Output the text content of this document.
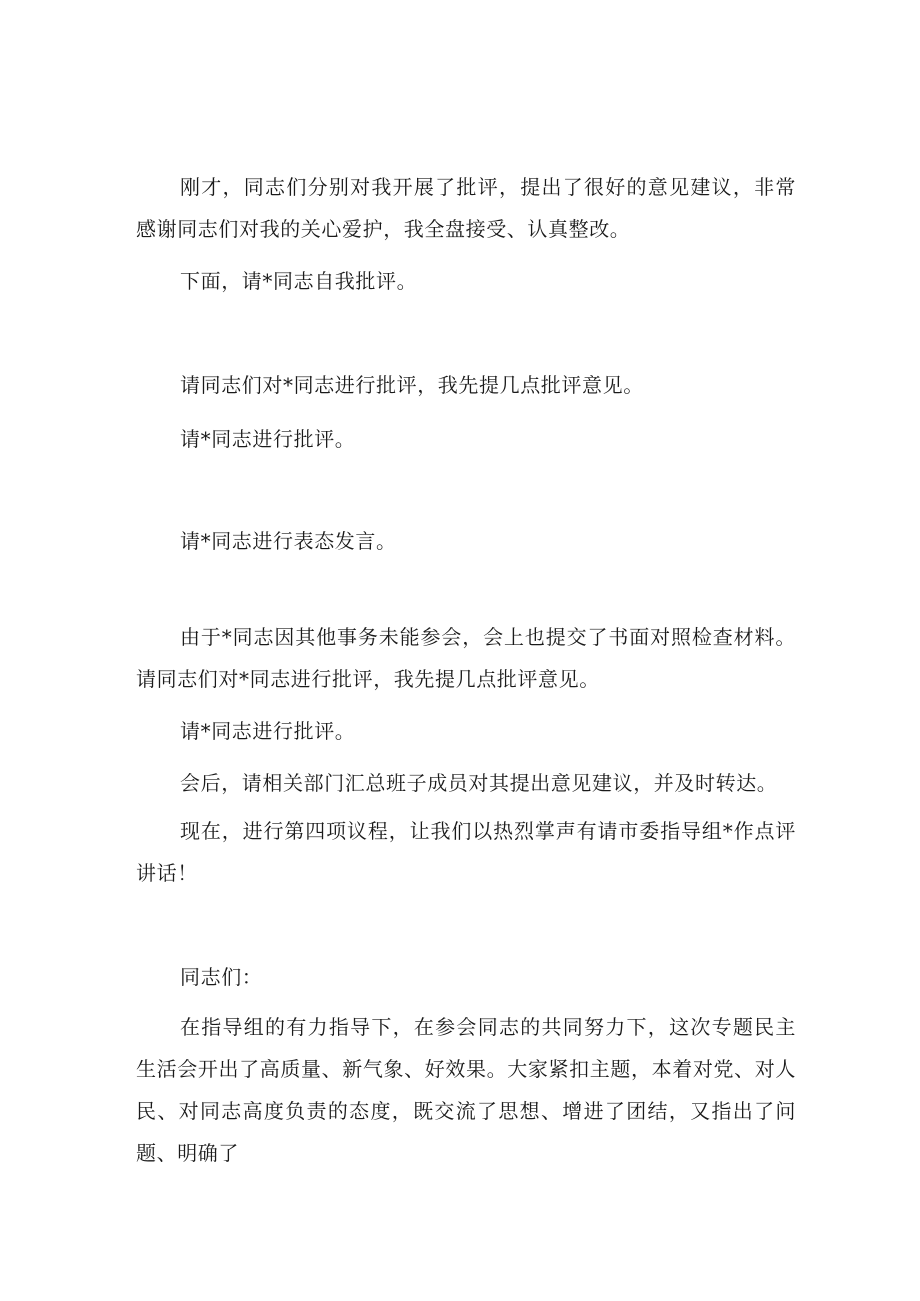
刚才，同志们分别对我开展了批评，提出了很好的意见建议，非常感谢同志们对我的关心爱护，我全盘接受、认真整改。

下面，请*同志自我批评。

请同志们对*同志进行批评，我先提几点批评意见。

请*同志进行批评。

请*同志进行表态发言。

由于*同志因其他事务未能参会，会上也提交了书面对照检查材料。请同志们对*同志进行批评，我先提几点批评意见。

请*同志进行批评。

会后，请相关部门汇总班子成员对其提出意见建议，并及时转达。

现在，进行第四项议程，让我们以热烈掌声有请市委指导组*作点评讲话！

同志们：

在指导组的有力指导下，在参会同志的共同努力下，这次专题民主生活会开出了高质量、新气象、好效果。大家紧扣主题，本着对党、对人民、对同志高度负责的态度，既交流了思想、增进了团结，又指出了问题、明确了
